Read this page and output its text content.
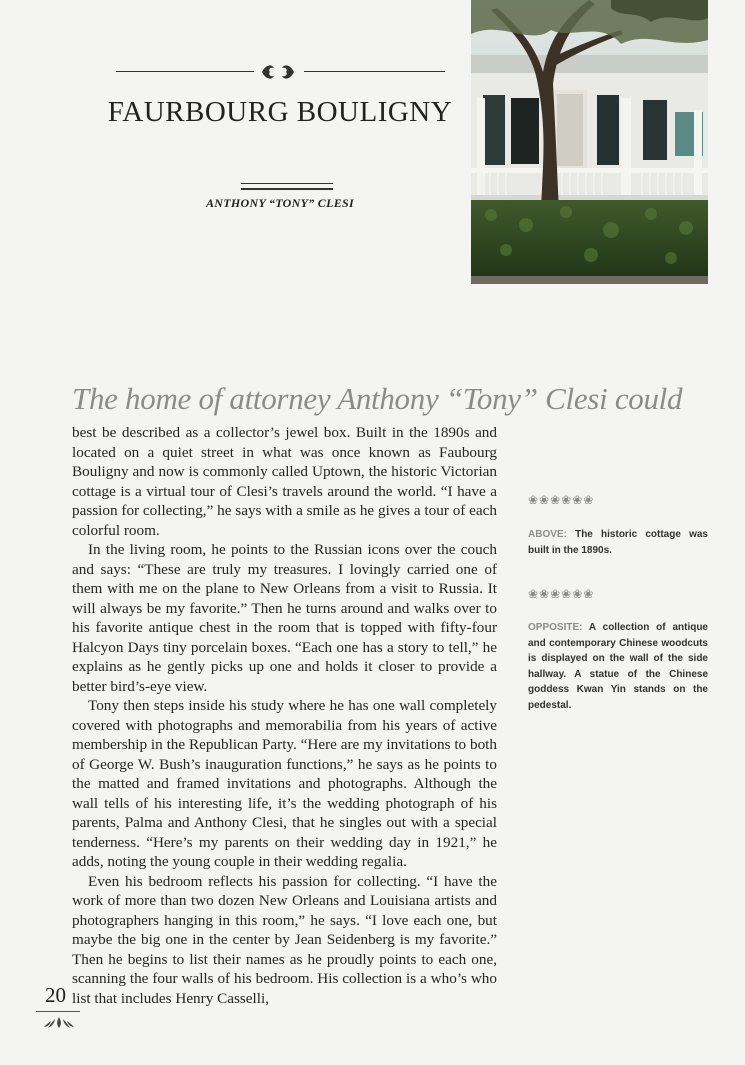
FAURBOURG BOULIGNY
ANTHONY “TONY” CLESI
The home of attorney Anthony “Tony” Clesi could

best be described as a collector’s jewel box. Built in the 1890s and located on a quiet street in what was once known as Faubourg Bouligny and now is commonly called Uptown, the historic Victorian cottage is a virtual tour of Clesi’s travels around the world. “I have a passion for collecting,” he says with a smile as he gives a tour of each colorful room.

In the living room, he points to the Russian icons over the couch and says: “These are truly my treasures. I lovingly carried one of them with me on the plane to New Orleans from a visit to Russia. It will always be my favorite.” Then he turns around and walks over to his favorite antique chest in the room that is topped with fifty-four Halcyon Days tiny porcelain boxes. “Each one has a story to tell,” he explains as he gently picks up one and holds it closer to provide a better bird’s-eye view.

Tony then steps inside his study where he has one wall completely covered with photographs and memorabilia from his years of active membership in the Republican Party. “Here are my invitations to both of George W. Bush’s inauguration functions,” he says as he points to the matted and framed invitations and photographs. Although the wall tells of his interesting life, it’s the wedding photograph of his parents, Palma and Anthony Clesi, that he singles out with a special tenderness. “Here’s my parents on their wedding day in 1921,” he adds, noting the young couple in their wedding regalia.

Even his bedroom reflects his passion for collecting. “I have the work of more than two dozen New Orleans and Louisiana artists and photographers hanging in this room,” he says. “I love each one, but maybe the big one in the center by Jean Seidenberg is my favorite.” Then he begins to list their names as he proudly points to each one, scanning the four walls of his bedroom. His collection is a who’s who list that includes Henry Casselli,

❀❀❀❀❀❀
ABOVE: The historic cottage was built in the 1890s.
❀❀❀❀❀❀
OPPOSITE: A collection of antique and contemporary Chinese woodcuts is displayed on the wall of the side hallway. A statue of the Chinese goddess Kwan Yin stands on the pedestal.
20
